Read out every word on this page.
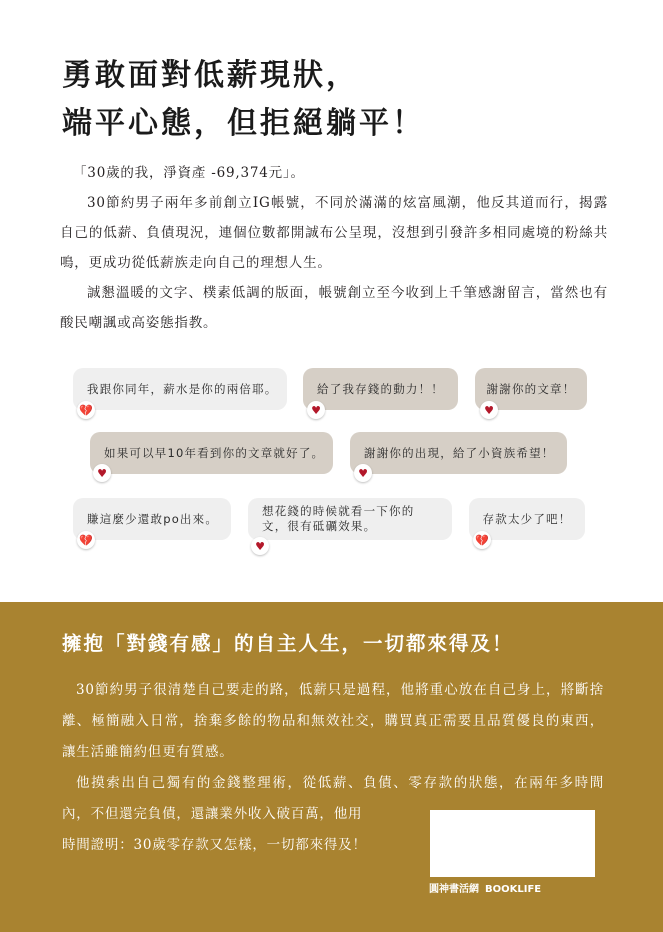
勇敢面對低薪現狀，
端平心態，但拒絕躺平！

「30歲的我，淨資產 -69,374元」。

30節約男子兩年多前創立IG帳號，不同於滿滿的炫富風潮，他反其道而行，揭露自己的低薪、負債現況，連個位數都開誠布公呈現，沒想到引發許多相同處境的粉絲共鳴，更成功從低薪族走向自己的理想人生。

誠懇溫暖的文字、樸素低調的版面，帳號創立至今收到上千筆感謝留言，當然也有酸民嘲諷或高姿態指教。

我跟你同年，薪水是你的兩倍耶。
💔
給了我存錢的動力！！
♥
謝謝你的文章！
♥
如果可以早10年看到你的文章就好了。
♥
謝謝你的出現，給了小資族希望！
♥
賺這麼少還敢po出來。
💔
想花錢的時候就看一下你的文，很有砥礪效果。
♥
存款太少了吧！
💔
擁抱「對錢有感」的自主人生，一切都來得及！

30節約男子很清楚自己要走的路，低薪只是過程，他將重心放在自己身上，將斷捨離、極簡融入日常，捨棄多餘的物品和無效社交，購買真正需要且品質優良的東西，讓生活雖簡約但更有質感。

他摸索出自己獨有的金錢整理術，從低薪、負債、零存款的狀態，在兩年多時間內，不但還完負債，還讓業外收入破百萬，他用

時間證明：30歲零存款又怎樣，一切都來得及！

圓神書活網 BOOKLIFE
